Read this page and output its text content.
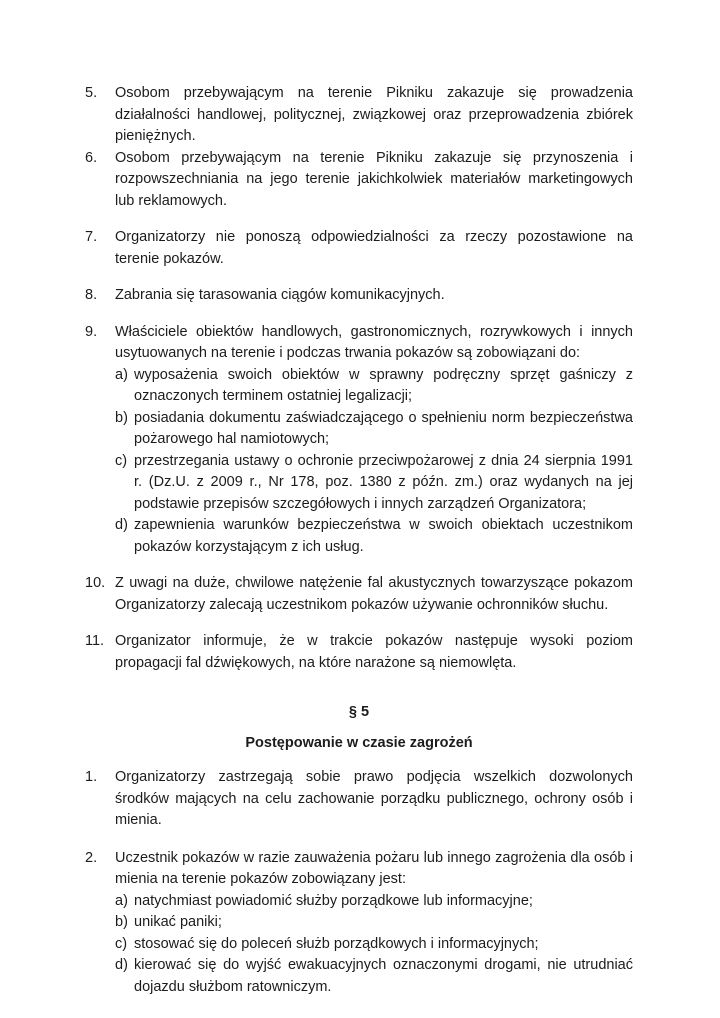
5.	Osobom przebywającym na terenie Pikniku zakazuje się prowadzenia działalności handlowej, politycznej, związkowej oraz przeprowadzenia zbiórek pieniężnych.
6.	Osobom przebywającym na terenie Pikniku zakazuje się przynoszenia i rozpowszechniania na jego terenie jakichkolwiek materiałów marketingowych lub reklamowych.
7.	Organizatorzy nie ponoszą odpowiedzialności za rzeczy pozostawione na terenie pokazów.
8.	Zabrania się tarasowania ciągów komunikacyjnych.
9.	Właściciele obiektów handlowych, gastronomicznych, rozrywkowych i innych usytuowanych na terenie i podczas trwania pokazów są zobowiązani do:
a) wyposażenia swoich obiektów w sprawny podręczny sprzęt gaśniczy z oznaczonych terminem ostatniej legalizacji;
b) posiadania dokumentu zaświadczającego o spełnieniu norm bezpieczeństwa pożarowego hal namiotowych;
c) przestrzegania ustawy o ochronie przeciwpożarowej z dnia 24 sierpnia 1991 r. (Dz.U. z 2009 r., Nr 178, poz. 1380 z późn. zm.) oraz wydanych na jej podstawie przepisów szczegółowych i innych zarządzeń Organizatora;
d) zapewnienia warunków bezpieczeństwa w swoich obiektach uczestnikom pokazów korzystającym z ich usług.
10. Z uwagi na duże, chwilowe natężenie fal akustycznych towarzyszące pokazom Organizatorzy zalecają uczestnikom pokazów używanie ochronników słuchu.
11. Organizator informuje, że w trakcie pokazów następuje wysoki poziom propagacji fal dźwiękowych, na które narażone są niemowlęta.
§ 5
Postępowanie w czasie zagrożeń
1.	Organizatorzy zastrzegają sobie prawo podjęcia wszelkich dozwolonych środków mających na celu zachowanie porządku publicznego, ochrony osób i mienia.
2.	Uczestnik pokazów w razie zauważenia pożaru lub innego zagrożenia dla osób i mienia na terenie pokazów zobowiązany jest:
a) natychmiast powiadomić służby porządkowe lub informacyjne;
b) unikać paniki;
c) stosować się do poleceń służb porządkowych i informacyjnych;
d) kierować się do wyjść ewakuacyjnych oznaczonymi drogami, nie utrudniać dojazdu służbom ratowniczym.
